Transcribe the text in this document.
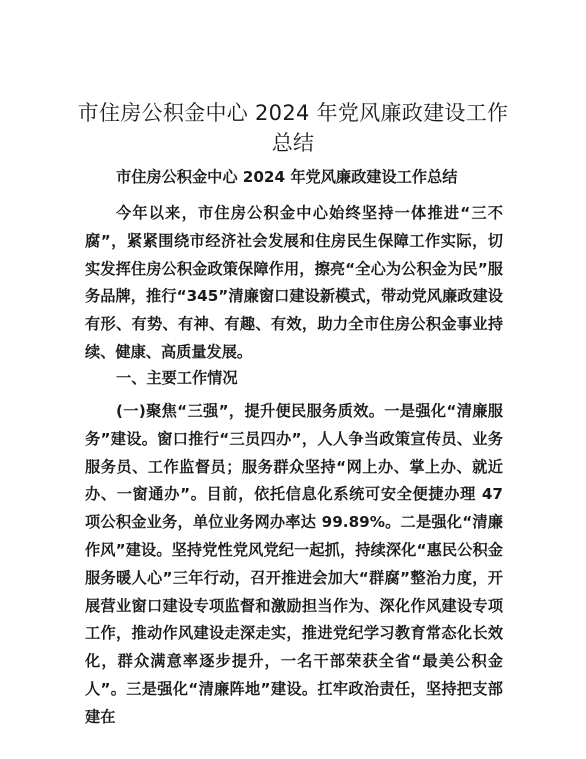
市住房公积金中心 2024 年党风廉政建设工作总结

市住房公积金中心 2024 年党风廉政建设工作总结

今年以来，市住房公积金中心始终坚持一体推进“三不腐”，紧紧围绕市经济社会发展和住房民生保障工作实际，切实发挥住房公积金政策保障作用，擦亮“全心为公积金为民”服务品牌，推行“345”清廉窗口建设新模式，带动党风廉政建设有形、有势、有神、有趣、有效，助力全市住房公积金事业持续、健康、高质量发展。

一、主要工作情况

(一)聚焦“三强”，提升便民服务质效。一是强化“清廉服务”建设。窗口推行“三员四办”，人人争当政策宣传员、业务服务员、工作监督员；服务群众坚持“网上办、掌上办、就近办、一窗通办”。目前，依托信息化系统可安全便捷办理 47 项公积金业务，单位业务网办率达 99.89%。二是强化“清廉作风”建设。坚持党性党风党纪一起抓，持续深化“惠民公积金服务暖人心”三年行动，召开推进会加大“群腐”整治力度，开展营业窗口建设专项监督和激励担当作为、深化作风建设专项工作，推动作风建设走深走实，推进党纪学习教育常态化长效化，群众满意率逐步提升，一名干部荣获全省“最美公积金人”。三是强化“清廉阵地”建设。扛牢政治责任，坚持把支部建在
